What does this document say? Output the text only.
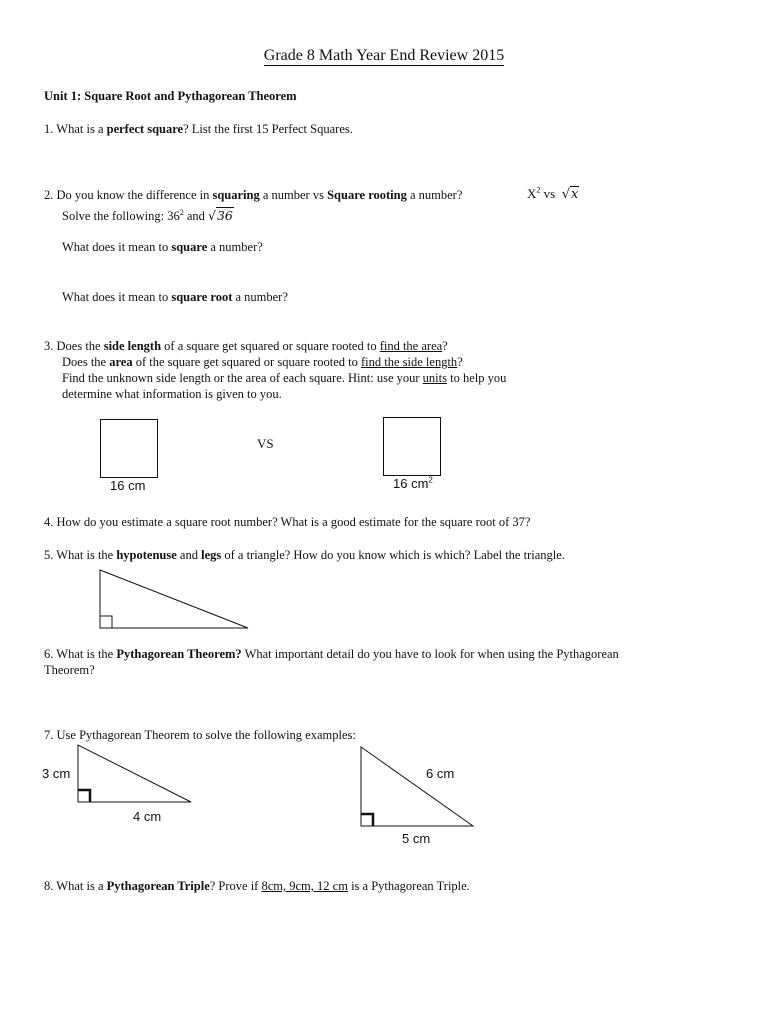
Grade 8 Math Year End Review 2015
Unit 1: Square Root and Pythagorean Theorem
1. What is a perfect square? List the first 15 Perfect Squares.
2. Do you know the difference in squaring a number vs Square rooting a number?	$X^2$ vs √x
Solve the following: $36^2$ and √36
What does it mean to square a number?
What does it mean to square root a number?
3. Does the side length of a square get squared or square rooted to find the area?
Does the area of the square get squared or square rooted to find the side length?
Find the unknown side length or the area of each square. Hint: use your units to help you
determine what information is given to you.
16 cm
VS
16 $cm^2$
4. How do you estimate a square root number? What is a good estimate for the square root of 37?
5. What is the hypotenuse and legs of a triangle? How do you know which is which? Label the triangle.
6. What is the Pythagorean Theorem? What important detail do you have to look for when using the Pythagorean
Theorem?
7. Use Pythagorean Theorem to solve the following examples:
3 cm
4 cm
6 cm
5 cm
8. What is a Pythagorean Triple? Prove if 8cm, 9cm, 12 cm is a Pythagorean Triple.
